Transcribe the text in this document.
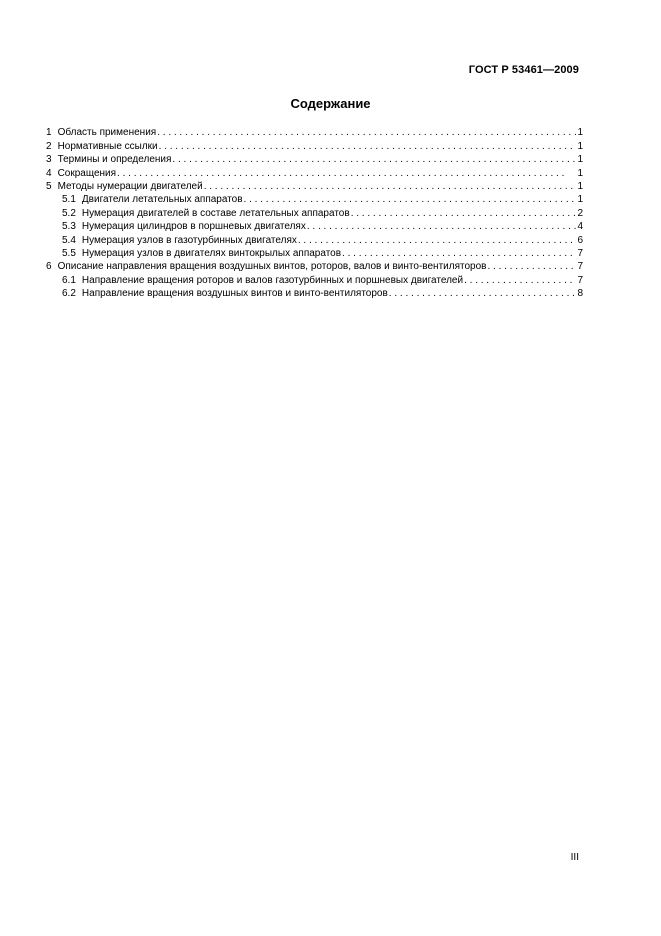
ГОСТ Р 53461—2009
Содержание
1 Область применения . . .	1
2 Нормативные ссылки . . .	1
3 Термины и определения . . .	1
4 Сокращения . . .	1
5 Методы нумерации двигателей . . .	1
5.1 Двигатели летательных аппаратов . . .	1
5.2 Нумерация двигателей в составе летательных аппаратов . . .	2
5.3 Нумерация цилиндров в поршневых двигателях . . .	4
5.4 Нумерация узлов в газотурбинных двигателях . . .	6
5.5 Нумерация узлов в двигателях винтокрылых аппаратов . . .	7
6 Описание направления вращения воздушных винтов, роторов, валов и винто-вентиляторов . . .	7
6.1 Направление вращения роторов и валов газотурбинных и поршневых двигателей . . .	7
6.2 Направление вращения воздушных винтов и винто-вентиляторов . . .	8
III
